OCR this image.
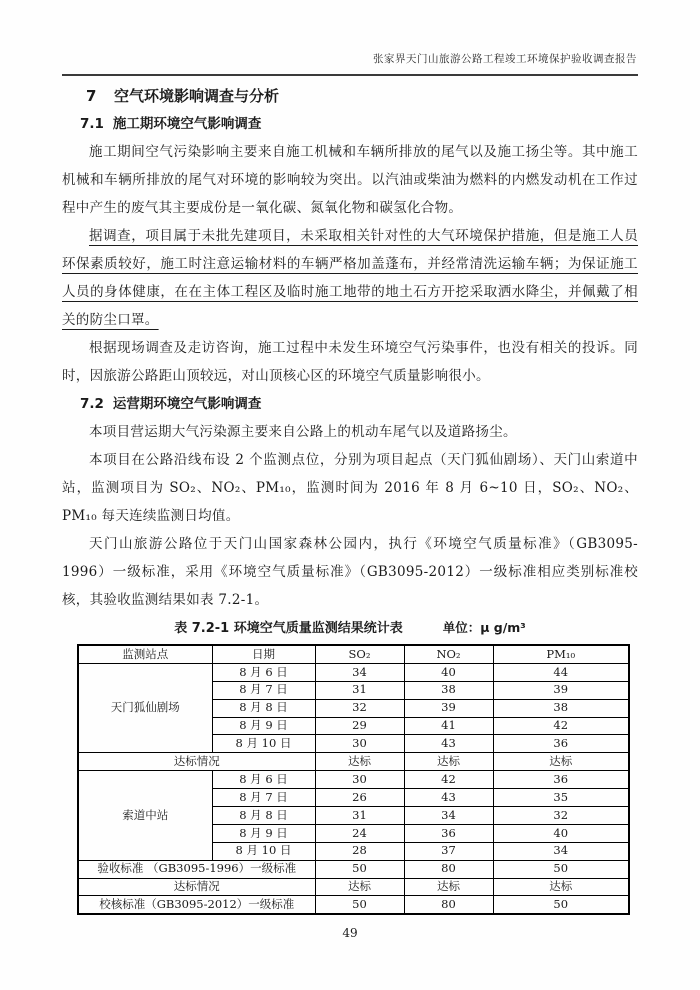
张家界天门山旅游公路工程竣工环境保护验收调查报告
7 空气环境影响调查与分析
7.1 施工期环境空气影响调查

施工期间空气污染影响主要来自施工机械和车辆所排放的尾气以及施工扬尘等。其中施工机械和车辆所排放的尾气对环境的影响较为突出。以汽油或柴油为燃料的内燃发动机在工作过程中产生的废气其主要成份是一氧化碳、氮氧化物和碳氢化合物。

据调查，项目属于未批先建项目，未采取相关针对性的大气环境保护措施，但是施工人员环保素质较好，施工时注意运输材料的车辆严格加盖蓬布，并经常清洗运输车辆；为保证施工人员的身体健康，在在主体工程区及临时施工地带的地土石方开挖采取洒水降尘，并佩戴了相关的防尘口罩。

根据现场调查及走访咨询，施工过程中未发生环境空气污染事件，也没有相关的投诉。同时，因旅游公路距山顶较远，对山顶核心区的环境空气质量影响很小。

7.2 运营期环境空气影响调查

本项目营运期大气污染源主要来自公路上的机动车尾气以及道路扬尘。

本项目在公路沿线布设 2 个监测点位，分别为项目起点（天门狐仙剧场）、天门山索道中站，监测项目为 SO₂、NO₂、PM₁₀，监测时间为 2016 年 8 月 6~10 日，SO₂、NO₂、PM₁₀ 每天连续监测日均值。

天门山旅游公路位于天门山国家森林公园内，执行《环境空气质量标准》（GB3095-1996）一级标准，采用《环境空气质量标准》（GB3095-2012）一级标准相应类别标准校核，其验收监测结果如表 7.2-1。

表 7.2-1 环境空气质量监测结果统计表	单位：μ g/m³
监测站点	日期	SO₂	NO₂	PM₁₀
天门狐仙剧场	8 月 6 日	34	40	44
	8 月 7 日	31	38	39
	8 月 8 日	32	39	38
	8 月 9 日	29	41	42
	8 月 10 日	30	43	36
达标情况		达标	达标	达标
索道中站	8 月 6 日	30	42	36
	8 月 7 日	26	43	35
	8 月 8 日	31	34	32
	8 月 9 日	24	36	40
	8 月 10 日	28	37	34
验收标准 （GB3095-1996）一级标准		50	80	50
达标情况		达标	达标	达标
校核标准（GB3095-2012）一级标准		50	80	50
49
